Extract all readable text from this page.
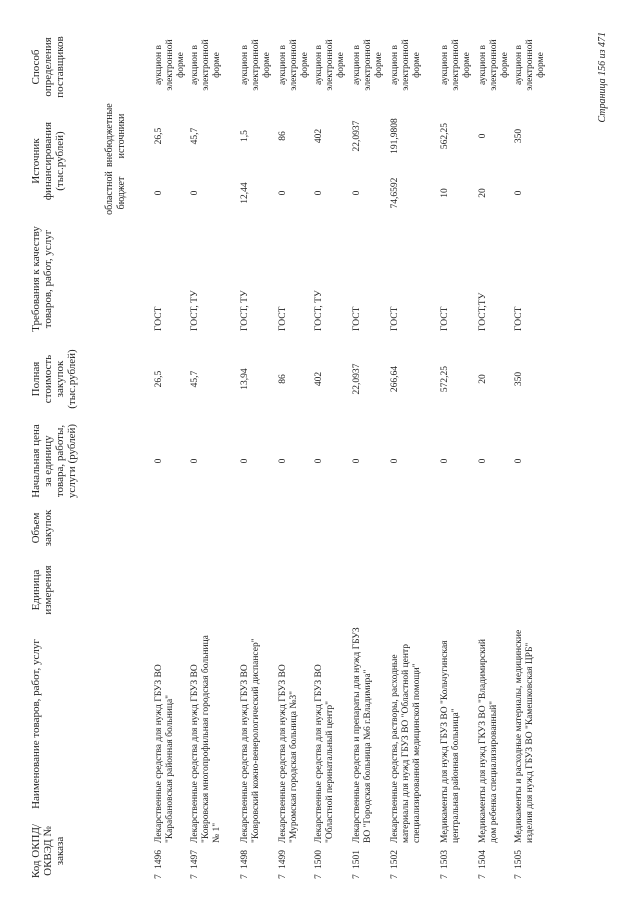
Код ОКПД/ ОКВЭД № заказа
Наименование товаров, работ, услуг
Единица измерения
Объем закупок
Начальная цена за единицу товара, работы, услуги (рублей)
Полная стоимость закупок (тыс.рублей)
Требования к качеству товаров, работ, услуг
Источник финансирования (тыс.рублей)
областной бюджет
внебюджетные источники
Способ определения поставщиков
7
1496
Лекарственные средства для нужд ГБУЗ ВО "Карабановская районная больница"
0
26,5
ГОСТ
0
26,5
аукцион в электронной форме
7
1497
Лекарственные средства для нужд ГБУЗ ВО "Ковровская многопрофильная городская больница № 1"
0
45,7
ГОСТ, ТУ
0
45,7
аукцион в электронной форме
7
1498
Лекарственные средства для нужд ГБУЗ ВО "Ковровский кожно-венерологический диспансер"
0
13,94
ГОСТ, ТУ
12,44
1,5
аукцион в электронной форме
7
1499
Лекарственные средства для нужд ГБУЗ ВО "Муромская городская больница №3"
0
86
ГОСТ
0
86
аукцион в электронной форме
7
1500
Лекарственные средства для нужд ГБУЗ ВО "Областной перинатальный центр"
0
402
ГОСТ, ТУ
0
402
аукцион в электронной форме
7
1501
Лекарственные средства и препараты для нужд ГБУЗ ВО "Городская больница №6 г.Владимира"
0
22,0937
ГОСТ
0
22,0937
аукцион в электронной форме
7
1502
Лекарственные средства, растворы, расходные материалы для нужд ГБУЗ ВО "Областной центр специализированной медицинской помощи"
0
266,64
ГОСТ
74,6592
191,9808
аукцион в электронной форме
7
1503
Медикаменты для нужд ГБУЗ ВО "Кольчугинская центральная районная больница"
0
572,25
ГОСТ
10
562,25
аукцион в электронной форме
7
1504
Медикаменты для нужд ГКУЗ ВО "Владимирский дом ребенка специализированный"
0
20
ГОСТ,ТУ
20
0
аукцион в электронной форме
7
1505
Медикаменты и расходные материалы, медицинские изделия для нужд ГБУЗ ВО "Камешковская ЦРБ"
0
350
ГОСТ
0
350
аукцион в электронной форме	Страница 156 из 471
